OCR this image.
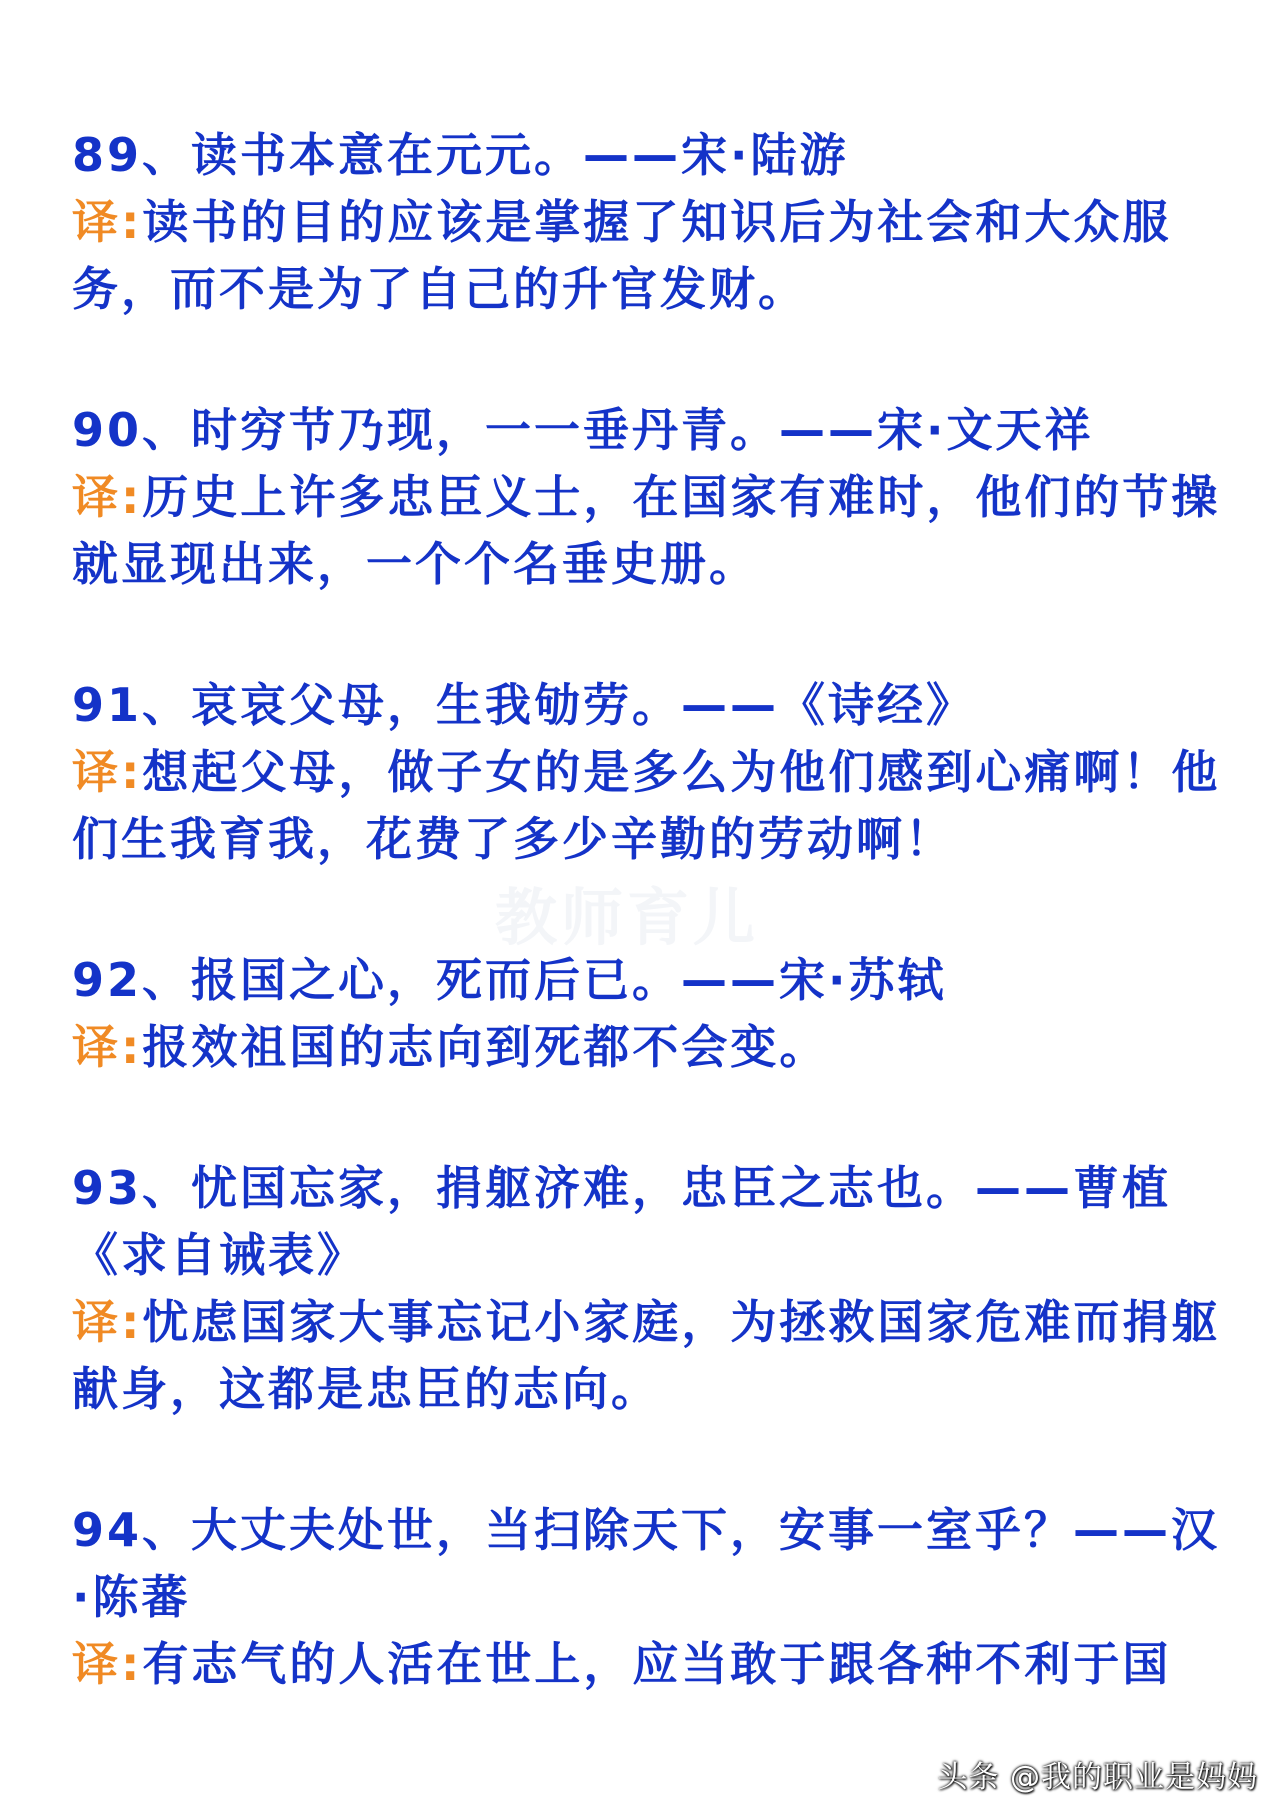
教师育儿

89、读书本意在元元。——宋·陆游

译:读书的目的应该是掌握了知识后为社会和大众服务，而不是为了自己的升官发财。

90、时穷节乃现，一一垂丹青。——宋·文天祥

译:历史上许多忠臣义士，在国家有难时，他们的节操就显现出来，一个个名垂史册。

91、哀哀父母，生我劬劳。——《诗经》

译:想起父母，做子女的是多么为他们感到心痛啊！他们生我育我，花费了多少辛勤的劳动啊！

92、报国之心，死而后已。——宋·苏轼

译:报效祖国的志向到死都不会变。

93、忧国忘家，捐躯济难，忠臣之志也。——曹植《求自诫表》

译:忧虑国家大事忘记小家庭，为拯救国家危难而捐躯献身，这都是忠臣的志向。

94、大丈夫处世，当扫除天下，安事一室乎？——汉·陈蕃

译:有志气的人活在世上，应当敢于跟各种不利于国

头条 @我的职业是妈妈
